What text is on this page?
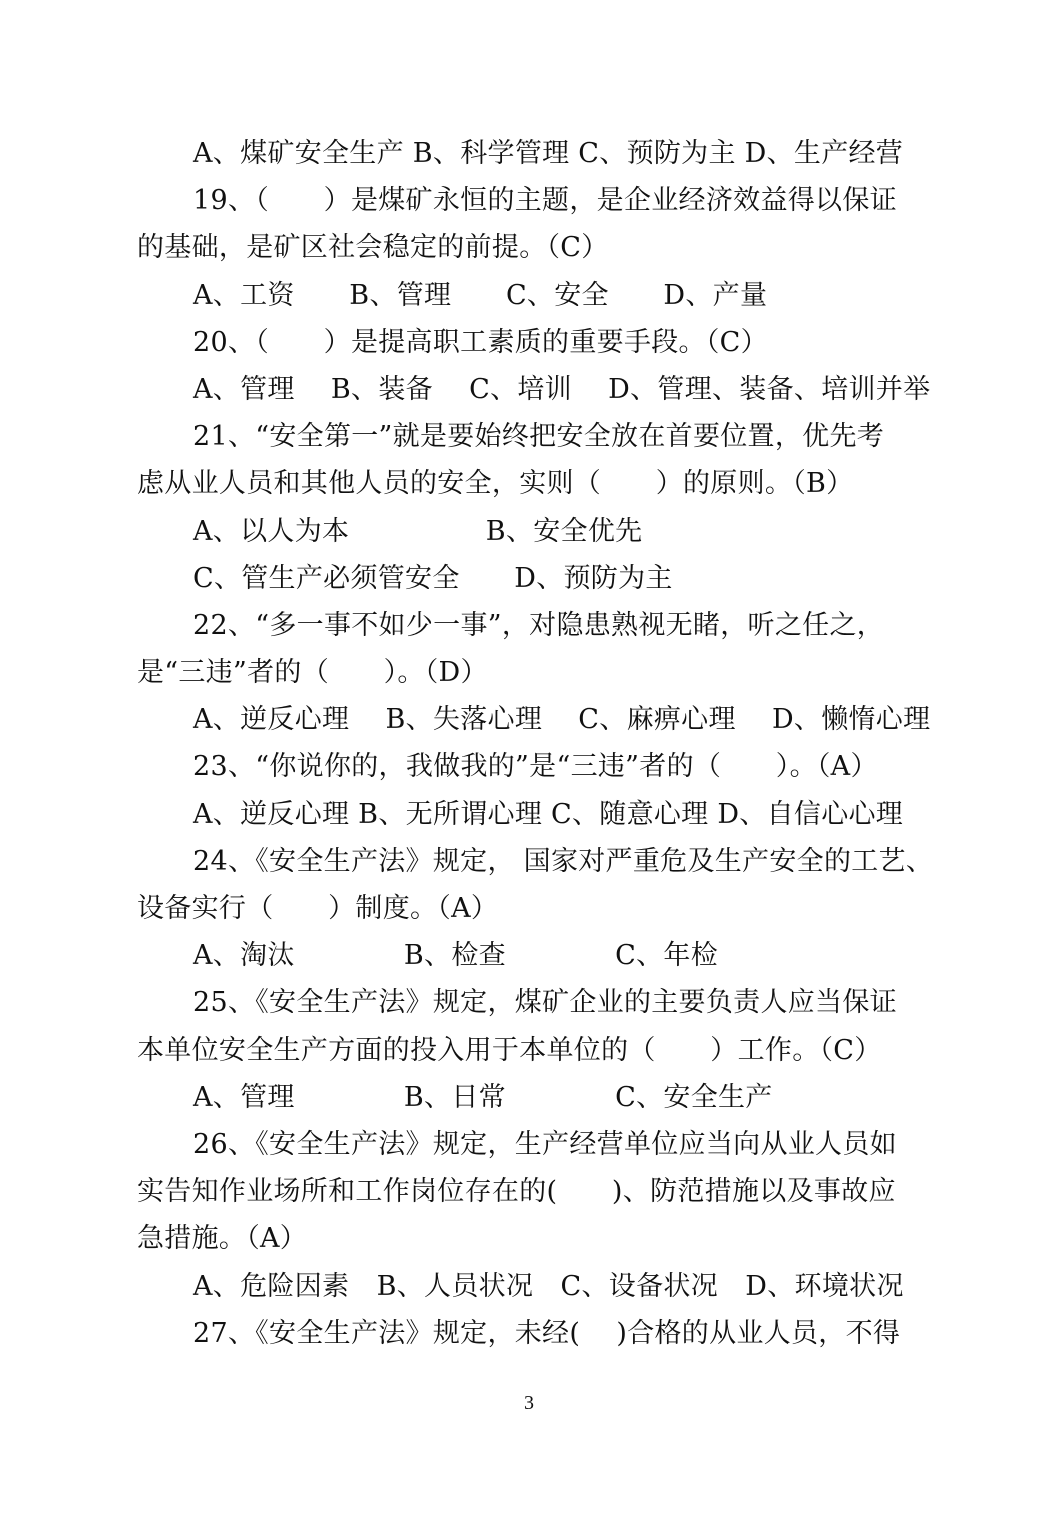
A、煤矿安全生产 B、科学管理 C、预防为主 D、生产经营
19、（　　）是煤矿永恒的主题，是企业经济效益得以保证
的基础，是矿区社会稳定的前提。（C）
A、工资　　B、管理　　C、安全　　D、产量
20、（　　）是提高职工素质的重要手段。（C）
A、管理　 B、装备　 C、培训　 D、管理、装备、培训并举
21、“安全第一”就是要始终把安全放在首要位置，优先考
虑从业人员和其他人员的安全，实则（　　）的原则。（B）
A、以人为本　　　　　B、安全优先
C、管生产必须管安全　　D、预防为主
22、“多一事不如少一事”，对隐患熟视无睹，听之任之，
是“三违”者的（　　）。（D）
A、逆反心理　 B、失落心理　 C、麻痹心理　 D、懒惰心理
23、“你说你的，我做我的”是“三违”者的（　　）。（A）
A、逆反心理 B、无所谓心理 C、随意心理 D、自信心心理
24、《安全生产法》规定， 国家对严重危及生产安全的工艺、
设备实行（　　）制度。（A）
A、淘汰　　　　B、检查　　　　C、年检
25、《安全生产法》规定，煤矿企业的主要负责人应当保证
本单位安全生产方面的投入用于本单位的（　　）工作。（C）
A、管理　　　　B、日常　　　　C、安全生产
26、《安全生产法》规定，生产经营单位应当向从业人员如
实告知作业场所和工作岗位存在的(　　)、防范措施以及事故应
急措施。（A）
A、危险因素　B、人员状况　C、设备状况　D、环境状况
27、《安全生产法》规定，未经(　 )合格的从业人员，不得
3
